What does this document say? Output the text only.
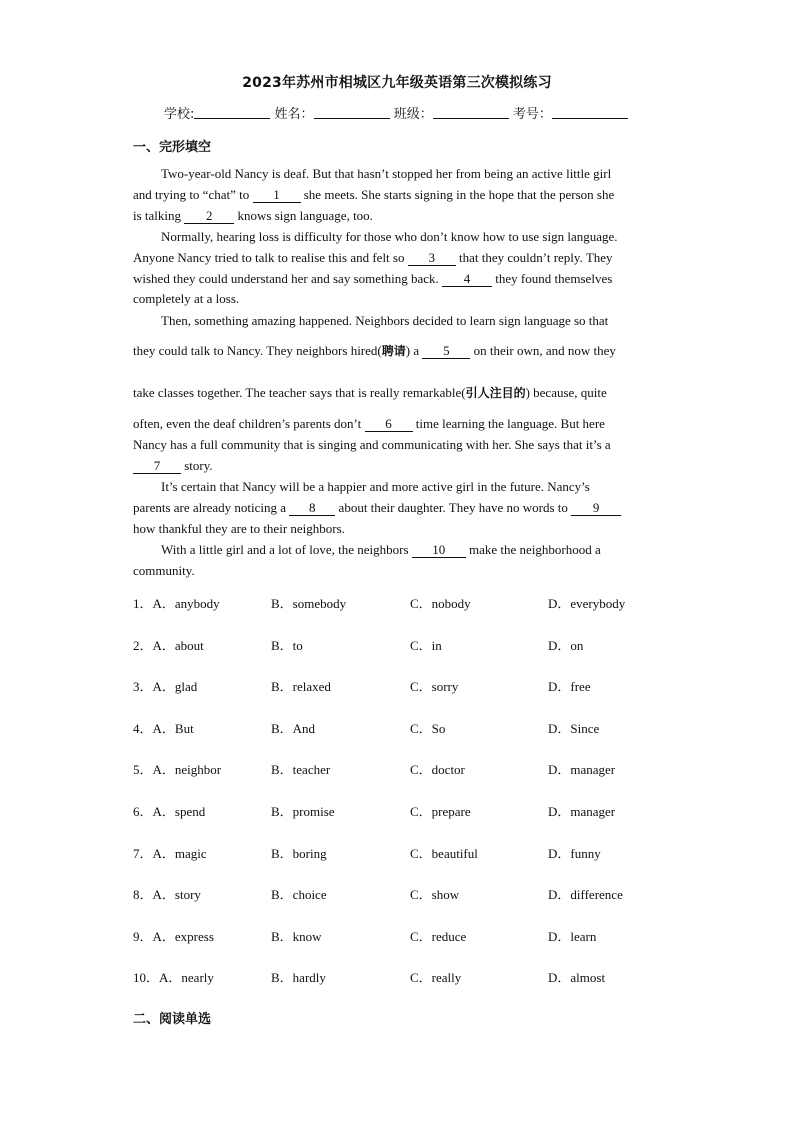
2023年苏州市相城区九年级英语第三次模拟练习
学校:	姓名：	班级：	考号：
一、完形填空
Two-year-old Nancy is deaf. But that hasn’t stopped her from being an active little girl
and trying to “chat” to 1 she meets. She starts signing in the hope that the person she
is talking 2 knows sign language, too.
Normally, hearing loss is difficulty for those who don’t know how to use sign language.
Anyone Nancy tried to talk to realise this and felt so 3 that they couldn’t reply. They
wished they could understand her and say something back. 4 they found themselves
completely at a loss.
Then, something amazing happened. Neighbors decided to learn sign language so that
they could talk to Nancy. They neighbors hired(聘请) a 5 on their own, and now they
take classes together. The teacher says that is really remarkable(引人注目的) because, quite
often, even the deaf children’s parents don’t 6 time learning the language. But here
Nancy has a full community that is singing and communicating with her. She says that it’s a
7 story.
It’s certain that Nancy will be a happier and more active girl in the future. Nancy’s
parents are already noticing a 8 about their daughter. They have no words to 9
how thankful they are to their neighbors.
With a little girl and a lot of love, the neighbors 10 make the neighborhood a
community.
1．A．anybody	B．somebody	C．nobody	D．everybody
2．A．about	B．to	C．in	D．on
3．A．glad	B．relaxed	C．sorry	D．free
4．A．But	B．And	C．So	D．Since
5．A．neighbor	B．teacher	C．doctor	D．manager
6．A．spend	B．promise	C．prepare	D．manager
7．A．magic	B．boring	C．beautiful	D．funny
8．A．story	B．choice	C．show	D．difference
9．A．express	B．know	C．reduce	D．learn
10．A．nearly	B．hardly	C．really	D．almost
二、阅读单选
